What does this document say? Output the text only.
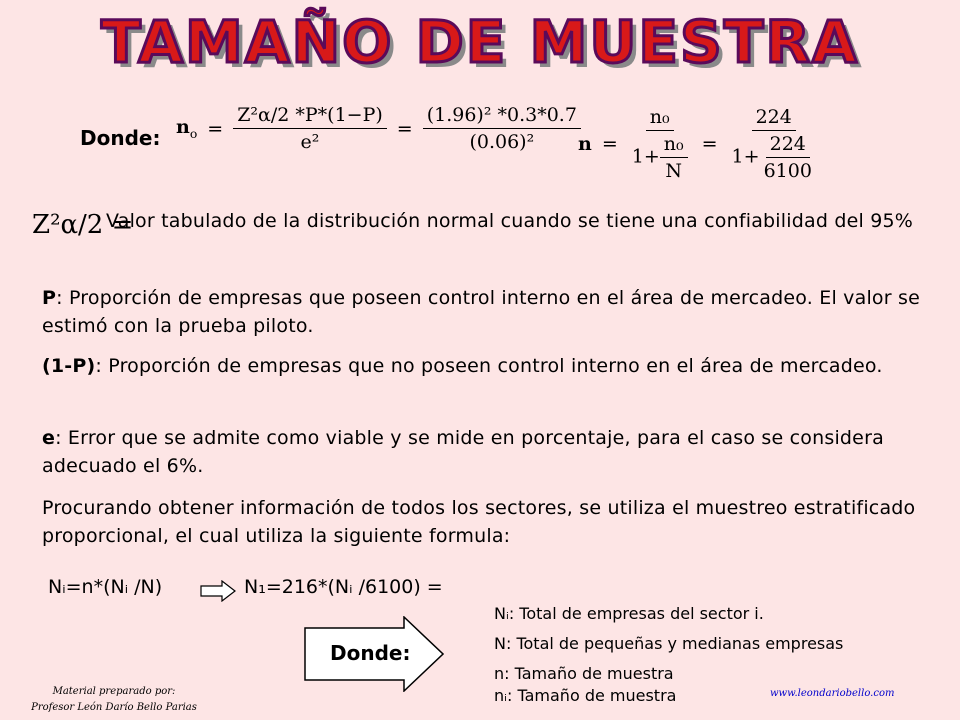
TAMAÑO DE MUESTRA
Donde: $n_o = \frac{\text{Z²α/2 *P*(1−P)}}{\text{e²}} = \frac{\text{(1.96)² *0.3*0.7}}{\text{(0.06)²}}$
$n = \frac{\text{n₀}}{1+ \frac{\text{n₀}}{N}} = \frac{224}{1+ \frac{224}{6100}}$
Z²α/2 =
Valor tabulado de la distribución normal cuando se tiene una confiabilidad del 95%
P: Proporción de empresas que poseen control interno en el área de mercadeo. El valor se estimó con la prueba piloto.
(1-P): Proporción de empresas que no poseen control interno en el área de mercadeo.
e: Error que se admite como viable y se mide en porcentaje, para el caso se considera adecuado el 6%.
Procurando obtener información de todos los sectores, se utiliza el muestreo estratificado proporcional, el cual utiliza la siguiente formula:
Nᵢ=n*(Nᵢ /N)	N₁=216*(Nᵢ /6100) =
Nᵢ: Total de empresas del sector i.
N: Total de pequeñas y medianas empresas
n: Tamaño de muestra
nᵢ: Tamaño de muestra
Donde:
Material preparado por:
Profesor León Darío Bello Parias
www.leondariobello.com
